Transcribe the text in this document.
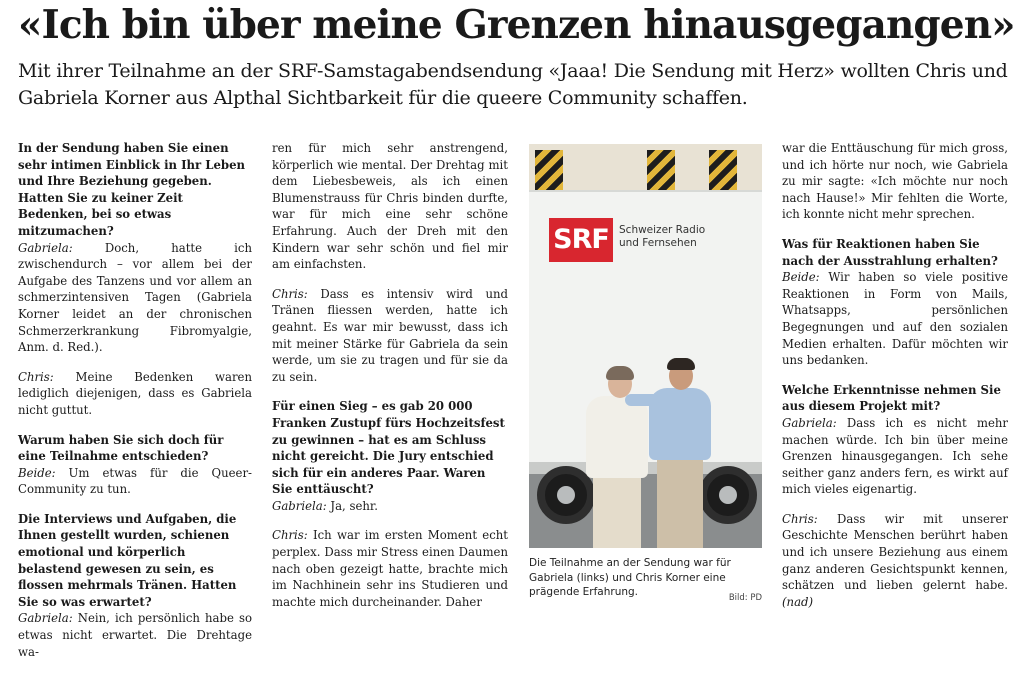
«Ich bin über meine Grenzen hinausgegangen»
Mit ihrer Teilnahme an der SRF-Samstagabendsendung «Jaaa! Die Sendung mit Herz» wollten Chris und
Gabriela Korner aus Alpthal Sichtbarkeit für die queere Community schaffen.

In der Sendung haben Sie einen sehr intimen Einblick in Ihr Leben und Ihre Beziehung gegeben. Hatten Sie zu keiner Zeit Bedenken, bei so etwas mitzumachen?

Gabriela: Doch, hatte ich zwischendurch – vor allem bei der Aufgabe des Tanzens und vor allem an schmerzintensiven Tagen (Gabriela Korner leidet an der chronischen Schmerzerkrankung Fibromyalgie, Anm. d. Red.).

Chris: Meine Bedenken waren lediglich diejenigen, dass es Gabriela nicht guttut.

Warum haben Sie sich doch für eine Teilnahme entschieden?

Beide: Um etwas für die Queer-Community zu tun.

Die Interviews und Aufgaben, die Ihnen gestellt wurden, schienen emotional und körperlich belastend gewesen zu sein, es flossen mehrmals Tränen. Hatten Sie so was erwartet?

Gabriela: Nein, ich persönlich habe so etwas nicht erwartet. Die Drehtage wa-

ren für mich sehr anstrengend, körperlich wie mental. Der Drehtag mit dem Liebesbeweis, als ich einen Blumenstrauss für Chris binden durfte, war für mich eine sehr schöne Erfahrung. Auch der Dreh mit den Kindern war sehr schön und fiel mir am einfachsten.

Chris: Dass es intensiv wird und Tränen fliessen werden, hatte ich geahnt. Es war mir bewusst, dass ich mit meiner Stärke für Gabriela da sein werde, um sie zu tragen und für sie da zu sein.

Für einen Sieg – es gab 20 000 Franken Zustupf fürs Hochzeitsfest zu gewinnen – hat es am Schluss nicht gereicht. Die Jury entschied sich für ein anderes Paar. Waren Sie enttäuscht?

Gabriela: Ja, sehr.

Chris: Ich war im ersten Moment echt perplex. Dass mir Stress einen Daumen nach oben gezeigt hatte, brachte mich im Nachhinein sehr ins Studieren und machte mich durcheinander. Daher

SRF Schweizer Radio
und Fernsehen
Die Teilnahme an der Sendung war für
Gabriela (links) und Chris Korner eine
prägende Erfahrung.	Bild: PD

war die Enttäuschung für mich gross, und ich hörte nur noch, wie Gabriela zu mir sagte: «Ich möchte nur noch nach Hause!» Mir fehlten die Worte, ich konnte nicht mehr sprechen.

Was für Reaktionen haben Sie nach der Ausstrahlung erhalten?

Beide: Wir haben so viele positive Reaktionen in Form von Mails, Whatsapps, persönlichen Begegnungen und auf den sozialen Medien erhalten. Dafür möchten wir uns bedanken.

Welche Erkenntnisse nehmen Sie aus diesem Projekt mit?

Gabriela: Dass ich es nicht mehr machen würde. Ich bin über meine Grenzen hinausgegangen. Ich sehe seither ganz anders fern, es wirkt auf mich vieles eigenartig.

Chris: Dass wir mit unserer Geschichte Menschen berührt haben und ich unsere Beziehung aus einem ganz anderen Gesichtspunkt kennen, schätzen und lieben gelernt habe. (nad)
